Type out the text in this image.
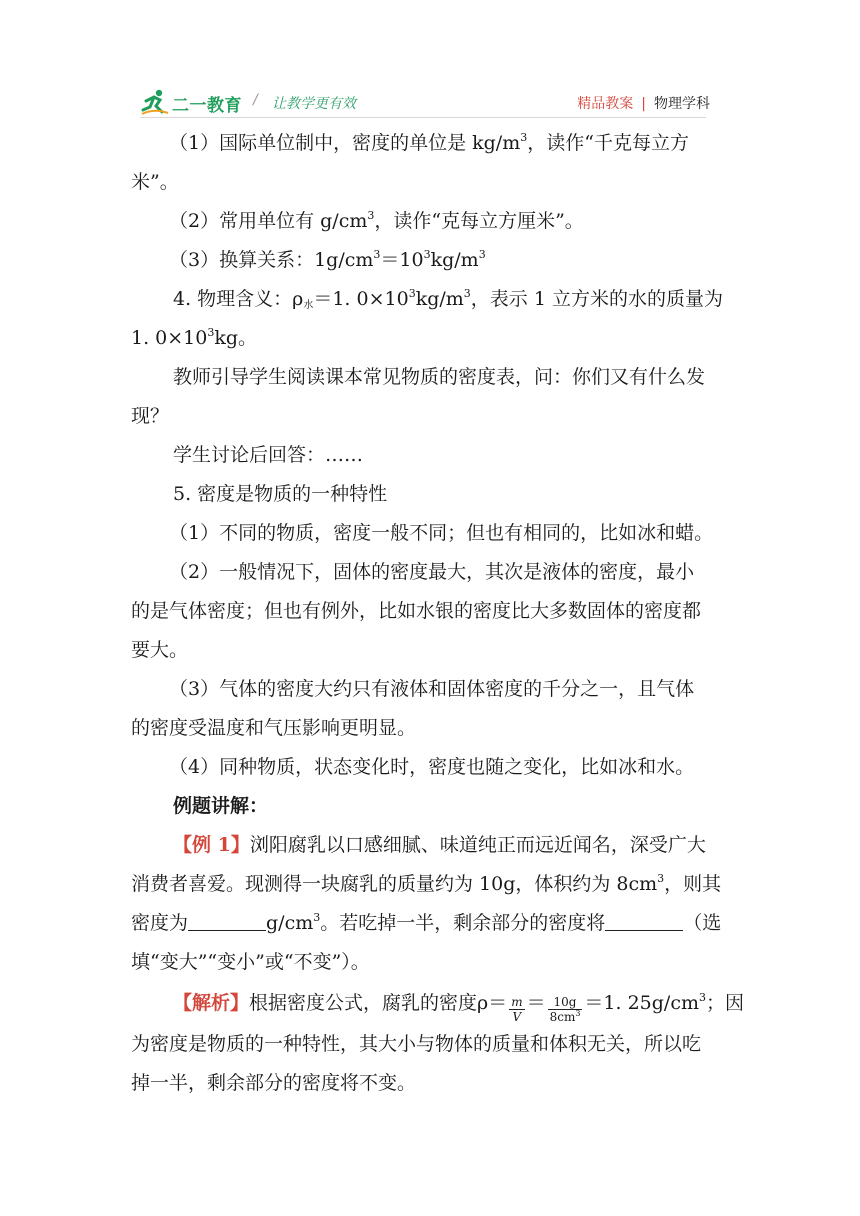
二一教育 / 让教学更有效	精品教案 | 物理学科
（1）国际单位制中，密度的单位是 $kg/m^3$，读作“千克每立方
米”。
（2）常用单位有 $g/cm^3$，读作“克每立方厘米”。
（3）换算关系：$1g/cm^3=10^3kg/m^3$
4. 物理含义：$\rho_水=1$. $0\times 10^3kg/m^3$，表示 1 立方米的水的质量为
1. $0\times 10^3kg$。
教师引导学生阅读课本常见物质的密度表，问：你们又有什么发
现？
学生讨论后回答：……
5. 密度是物质的一种特性
（1）不同的物质，密度一般不同；但也有相同的，比如冰和蜡。
（2）一般情况下，固体的密度最大，其次是液体的密度，最小
的是气体密度；但也有例外，比如水银的密度比大多数固体的密度都
要大。
（3）气体的密度大约只有液体和固体密度的千分之一，且气体
的密度受温度和气压影响更明显。
（4）同种物质，状态变化时，密度也随之变化，比如冰和水。
例题讲解：
【例 1】浏阳腐乳以口感细腻、味道纯正而远近闻名，深受广大
消费者喜爱。现测得一块腐乳的质量约为 10g，体积约为 $8cm^3$，则其
密度为	$g/cm^3$。若吃掉一半，剩余部分的密度将	（选
填“变大”“变小”或“不变”）。
【解析】根据密度公式，腐乳的密度$\rho= \frac{m}{V} = \frac{10g}{8cm^3} =1$. $25g/cm^3$；因
为密度是物质的一种特性，其大小与物体的质量和体积无关，所以吃
掉一半，剩余部分的密度将不变。
